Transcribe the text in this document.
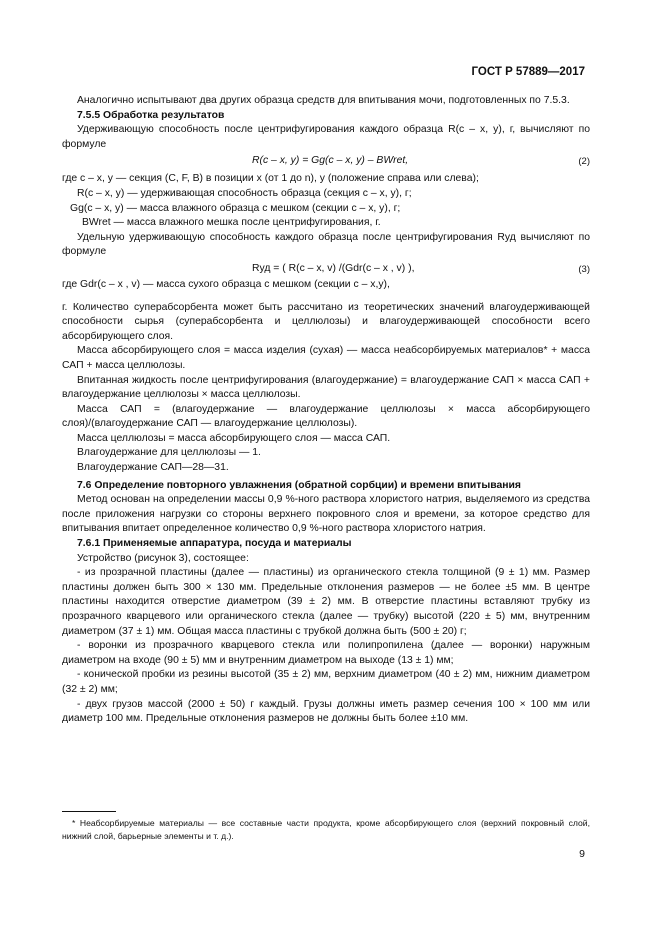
ГОСТ Р 57889—2017

Аналогично испытывают два других образца средств для впитывания мочи, подготовленных по 7.5.3.

7.5.5 Обработка результатов

Удерживающую способность после центрифугирования каждого образца R(c – x, y), г, вычисляют по формуле

R(c – x, y) = Gg(c – x, y) – BWret,	(2)

где c – x, y — секция (C, F, B) в позиции x (от 1 до n), y (положение справа или слева);

R(c – x, y) — удерживающая способность образца (секция c – x, y), г;

Gg(c – x, y) — масса влажного образца с мешком (секции c – x, y), г;

BWret — масса влажного мешка после центрифугирования, г.

Удельную удерживающую способность каждого образца после центрифугирования Rуд вычисляют по формуле

Rуд = ( R(c – x, v) /(Gdr(c – x , v) ),	(3)

где Gdr(c – x , v) — масса сухого образца с мешком (секции c – x,y),

г. Количество суперабсорбента может быть рассчитано из теоретических значений влагоудерживающей способности сырья (суперабсорбента и целлюлозы) и влагоудерживающей способности всего абсорбирующего слоя.

Масса абсорбирующего слоя = масса изделия (сухая) — масса неабсорбируемых материалов* + масса САП + масса целлюлозы.

Впитанная жидкость после центрифугирования (влагоудержание) = влагоудержание САП × масса САП + влагоудержание целлюлозы × масса целлюлозы.

Масса САП = (влагоудержание — влагоудержание целлюлозы × масса абсорбирующего слоя)/(влагоудержание САП — влагоудержание целлюлозы).

Масса целлюлозы = масса абсорбирующего слоя — масса САП.

Влагоудержание для целлюлозы — 1.

Влагоудержание САП—28—31.

7.6 Определение повторного увлажнения (обратной сорбции) и времени впитывания

Метод основан на определении массы 0,9 %-ного раствора хлористого натрия, выделяемого из средства после приложения нагрузки со стороны верхнего покровного слоя и времени, за которое средство для впитывания впитает определенное количество 0,9 %-ного раствора хлористого натрия.

7.6.1 Применяемые аппаратура, посуда и материалы

Устройство (рисунок 3), состоящее:

- из прозрачной пластины (далее — пластины) из органического стекла толщиной (9 ± 1) мм. Размер пластины должен быть 300 × 130 мм. Предельные отклонения размеров — не более ±5 мм. В центре пластины находится отверстие диаметром (39 ± 2) мм. В отверстие пластины вставляют трубку из прозрачного кварцевого или органического стекла (далее — трубку) высотой (220 ± 5) мм, внутренним диаметром (37 ± 1) мм. Общая масса пластины с трубкой должна быть (500 ± 20) г;

- воронки из прозрачного кварцевого стекла или полипропилена (далее — воронки) наружным диаметром на входе (90 ± 5) мм и внутренним диаметром на выходе (13 ± 1) мм;

- конической пробки из резины высотой (35 ± 2) мм, верхним диаметром (40 ± 2) мм, нижним диаметром (32 ± 2) мм;

- двух грузов массой (2000 ± 50) г каждый. Грузы должны иметь размер сечения 100 × 100 мм или диаметр 100 мм. Предельные отклонения размеров не должны быть более ±10 мм.

* Неабсорбируемые материалы — все составные части продукта, кроме абсорбирующего слоя (верхний покровный слой, нижний слой, барьерные элементы и т. д.).
9
